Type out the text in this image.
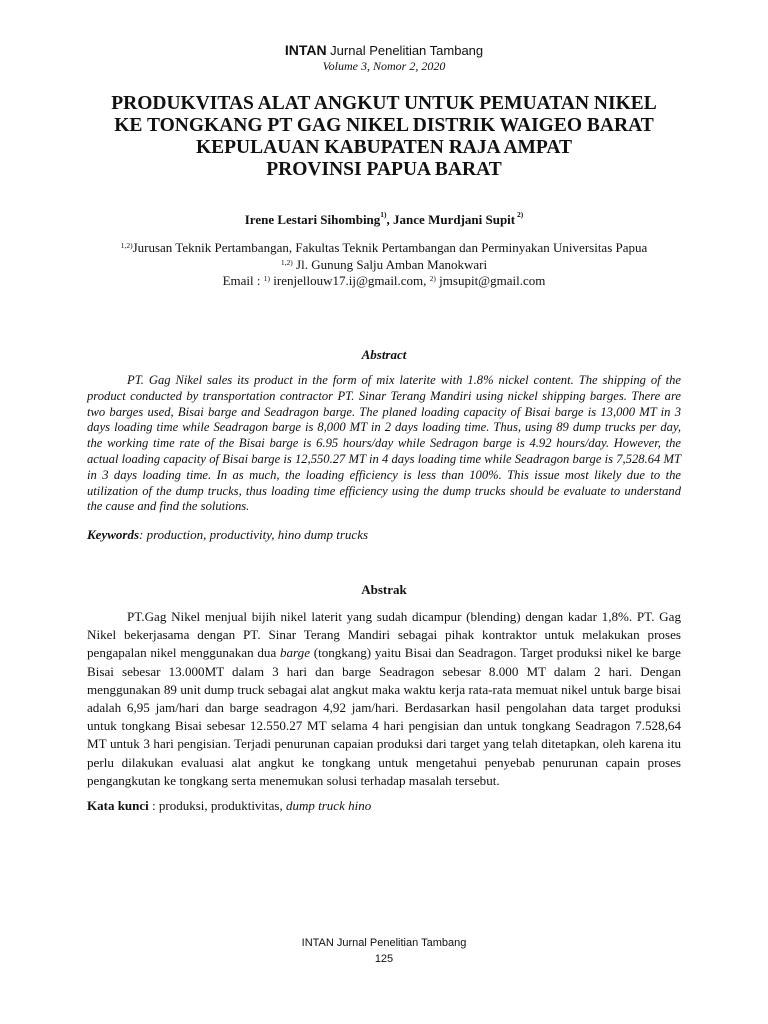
INTAN Jurnal Penelitian Tambang
Volume 3, Nomor 2, 2020
PRODUKVITAS ALAT ANGKUT UNTUK PEMUATAN NIKEL
KE TONGKANG PT GAG NIKEL DISTRIK WAIGEO BARAT
KEPULAUAN KABUPATEN RAJA AMPAT
PROVINSI PAPUA BARAT
Irene Lestari Sihombing$^{1)}$, Jance Murdjani Supit $^{2)}$
$^{1,2)}$Jurusan Teknik Pertambangan, Fakultas Teknik Pertambangan dan Perminyakan Universitas Papua
$^{1,2)}$ Jl. Gunung Salju Amban Manokwari
Email : $^{1)}$ irenjellouw17.ij@gmail.com, $^{2)}$ jmsupit@gmail.com
Abstract
PT. Gag Nikel sales its product in the form of mix laterite with 1.8% nickel content. The shipping of the product conducted by transportation contractor PT. Sinar Terang Mandiri using nickel shipping barges. There are two barges used, Bisai barge and Seadragon barge. The planed loading capacity of Bisai barge is 13,000 MT in 3 days loading time while Seadragon barge is 8,000 MT in 2 days loading time. Thus, using 89 dump trucks per day, the working time rate of the Bisai barge is 6.95 hours/day while Sedragon barge is 4.92 hours/day. However, the actual loading capacity of Bisai barge is 12,550.27 MT in 4 days loading time while Seadragon barge is 7,528.64 MT in 3 days loading time. In as much, the loading efficiency is less than 100%. This issue most likely due to the utilization of the dump trucks, thus loading time efficiency using the dump trucks should be evaluate to understand the cause and find the solutions.
Keywords: production, productivity, hino dump trucks
Abstrak
PT.Gag Nikel menjual bijih nikel laterit yang sudah dicampur (blending) dengan kadar 1,8%. PT. Gag Nikel bekerjasama dengan PT. Sinar Terang Mandiri sebagai pihak kontraktor untuk melakukan proses pengapalan nikel menggunakan dua barge (tongkang) yaitu Bisai dan Seadragon. Target produksi nikel ke barge Bisai sebesar 13.000MT dalam 3 hari dan barge Seadragon sebesar 8.000 MT dalam 2 hari. Dengan menggunakan 89 unit dump truck sebagai alat angkut maka waktu kerja rata-rata memuat nikel untuk barge bisai adalah 6,95 jam/hari dan barge seadragon 4,92 jam/hari. Berdasarkan hasil pengolahan data target produksi untuk tongkang Bisai sebesar 12.550.27 MT selama 4 hari pengisian dan untuk tongkang Seadragon 7.528,64 MT untuk 3 hari pengisian. Terjadi penurunan capaian produksi dari target yang telah ditetapkan, oleh karena itu perlu dilakukan evaluasi alat angkut ke tongkang untuk mengetahui penyebab penurunan capain proses pengangkutan ke tongkang serta menemukan solusi terhadap masalah tersebut.
Kata kunci : produksi, produktivitas, dump truck hino
INTAN Jurnal Penelitian Tambang
125
